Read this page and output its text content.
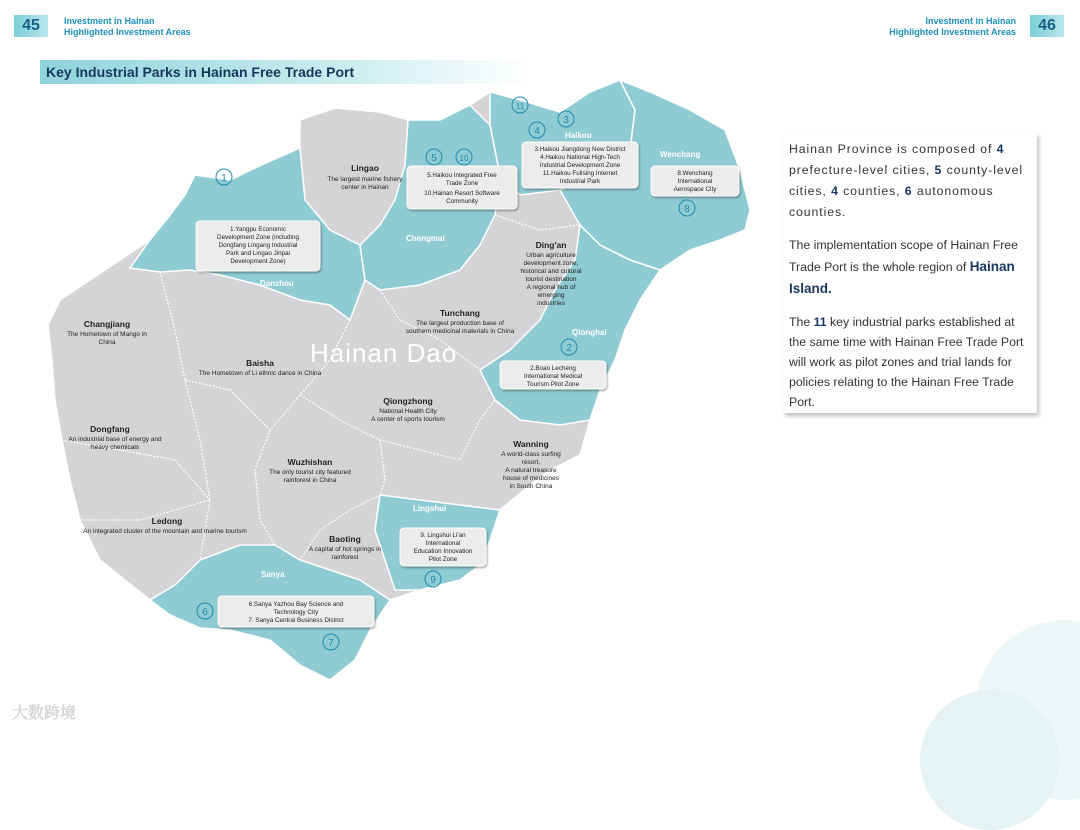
45	Investment in Hainan
Highlighted Investment Areas
Investment in Hainan
Highlighted Investment Areas	46
Key Industrial Parks in Hainan Free Trade Port
Haikou
Wenchang
Chengmai
Danzhou
Qionghai
Lingshui
Sanya
Hainan Dao
Lingao
The largest marine fishery
center in Hainan
Ding'an
Urban agriculture
development zone,
historical and cultural
tourist destination
A regional hub of
emerging
industries
Tunchang
The largest production base of
southern medicinal materials in China
Changjiang
The Hometown of Mango in
China
Baisha
The Hometown of Li ethnic dance in China
Qiongzhong
National Health City
A center of sports tourism
Dongfang
An industrial base of energy and
heavy chemicals	Wanning
A world-class surfing
resort,
A natural treasure
house of medicines
in South China
Wuzhishan
The only tourist city featured
rainforest in China
Ledong
An integrated cluster of the mountain and marine tourism
Baoting
A capital of hot springs in
rainforest
1.Yangpu Economic
Development Zone (including
Dongfang Lingang Industrial
Park and Lingao Jinpai
Development Zone)
5.Haikou Integrated Free
Trade Zone
10.Hainan Resort Software
Community
3.Haikou Jiangdong New District
4.Haikou National High-Tech
Industrial Development Zone
11.Haikou Fullsing Internet
Industrial Park
8.Wenchang
International
Aerospace City
2.Boao Lecheng
International Medical
Tourism Pilot Zone
9. Lingshui Li'an
International
Education Innovation
Pilot Zone
6.Sanya Yazhou Bay Science and
Technology City
7. Sanya Central Business District
1
2
3
4
5
6
7
8
9
10
11

Hainan Province is composed of 4 prefecture-level cities, 5 county-level cities, 4 counties, 6 autonomous counties.

The implementation scope of Hainan Free Trade Port is the whole region of Hainan Island.

The 11 key industrial parks established at the same time with Hainan Free Trade Port will work as pilot zones and trial lands for policies relating to the Hainan Free Trade Port.

大数跨境
